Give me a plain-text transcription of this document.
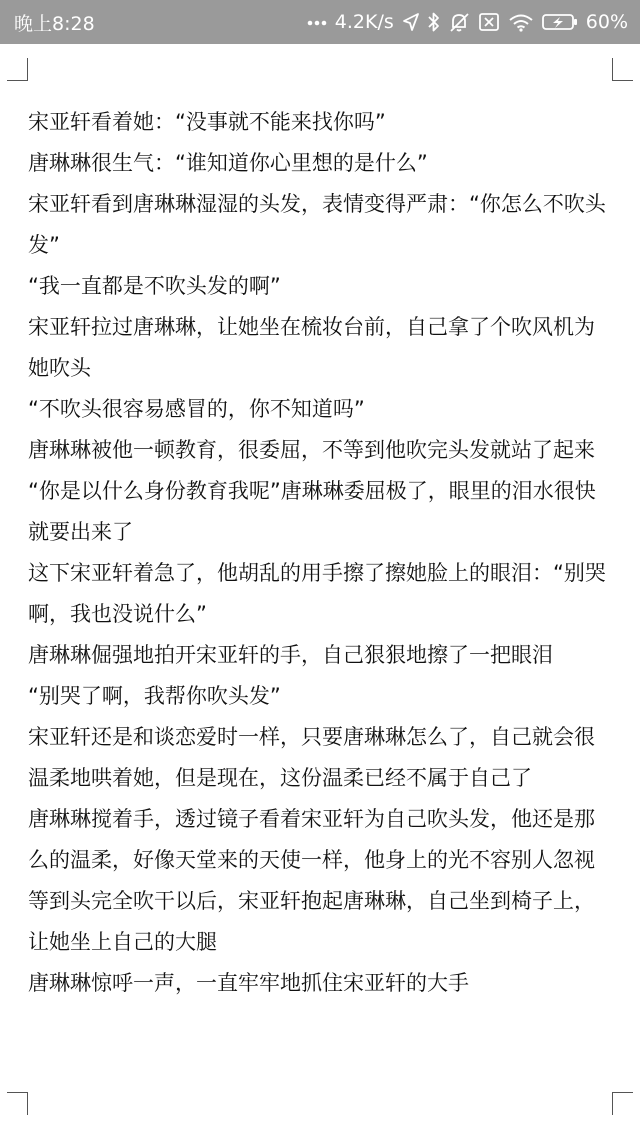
晚上8:28	4.2K/s	60%

宋亚轩看着她：“没事就不能来找你吗”

唐琳琳很生气：“谁知道你心里想的是什么”

宋亚轩看到唐琳琳湿湿的头发，表情变得严肃：“你怎么不吹头发”

“我一直都是不吹头发的啊”

宋亚轩拉过唐琳琳，让她坐在梳妆台前，自己拿了个吹风机为她吹头

“不吹头很容易感冒的，你不知道吗”

唐琳琳被他一顿教育，很委屈，不等到他吹完头发就站了起来

“你是以什么身份教育我呢”唐琳琳委屈极了，眼里的泪水很快就要出来了

这下宋亚轩着急了，他胡乱的用手擦了擦她脸上的眼泪：“别哭啊，我也没说什么”

唐琳琳倔强地拍开宋亚轩的手，自己狠狠地擦了一把眼泪

“别哭了啊，我帮你吹头发”

宋亚轩还是和谈恋爱时一样，只要唐琳琳怎么了，自己就会很温柔地哄着她，但是现在，这份温柔已经不属于自己了

唐琳琳搅着手，透过镜子看着宋亚轩为自己吹头发，他还是那么的温柔，好像天堂来的天使一样，他身上的光不容别人忽视

等到头完全吹干以后，宋亚轩抱起唐琳琳，自己坐到椅子上，让她坐上自己的大腿

唐琳琳惊呼一声，一直牢牢地抓住宋亚轩的大手
